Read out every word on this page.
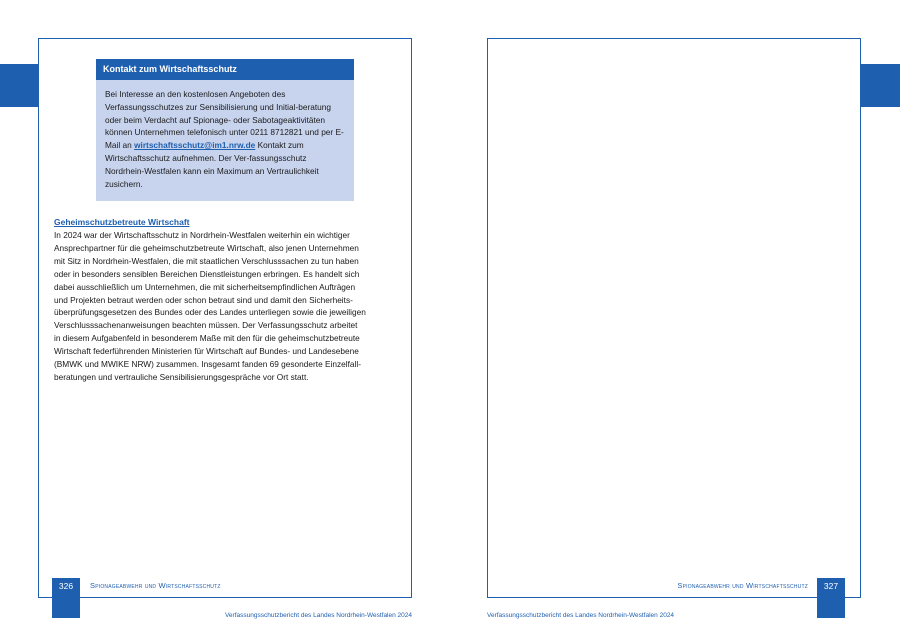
Kontakt zum Wirtschaftsschutz

Bei Interesse an den kostenlosen Angeboten des Verfassungsschutzes zur Sensibilisierung und Initial-beratung oder beim Verdacht auf Spionage- oder Sabotageaktivitäten können Unternehmen telefonisch unter 0211 8712821 und per E-Mail an wirtschaftsschutz@im1.nrw.de Kontakt zum Wirtschaftsschutz aufnehmen. Der Ver-fassungsschutz Nordrhein-Westfalen kann ein Maximum an Vertraulichkeit zusichern.

Geheimschutzbetreute Wirtschaft

In 2024 war der Wirtschaftsschutz in Nordrhein-Westfalen weiterhin ein wichtiger
Ansprechpartner für die geheimschutzbetreute Wirtschaft, also jenen Unternehmen
mit Sitz in Nordrhein-Westfalen, die mit staatlichen Verschlusssachen zu tun haben
oder in besonders sensiblen Bereichen Dienstleistungen erbringen. Es handelt sich
dabei ausschließlich um Unternehmen, die mit sicherheitsempfindlichen Aufträgen
und Projekten betraut werden oder schon betraut sind und damit den Sicherheits-
überprüfungsgesetzen des Bundes oder des Landes unterliegen sowie die jeweiligen
Verschlusssachenanweisungen beachten müssen. Der Verfassungsschutz arbeitet
in diesem Aufgabenfeld in besonderem Maße mit den für die geheimschutzbetreute
Wirtschaft federführenden Ministerien für Wirtschaft auf Bundes- und Landesebene
(BMWK und MWIKE NRW) zusammen. Insgesamt fanden 69 gesonderte Einzelfall-
beratungen und vertrauliche Sensibilisierungsgespräche vor Ort statt.

326	Spionageabwehr und Wirtschaftsschutz
Verfassungsschutzbericht des Landes Nordrhein-Westfalen 2024
327
Spionageabwehr und Wirtschaftsschutz
Verfassungsschutzbericht des Landes Nordrhein-Westfalen 2024
